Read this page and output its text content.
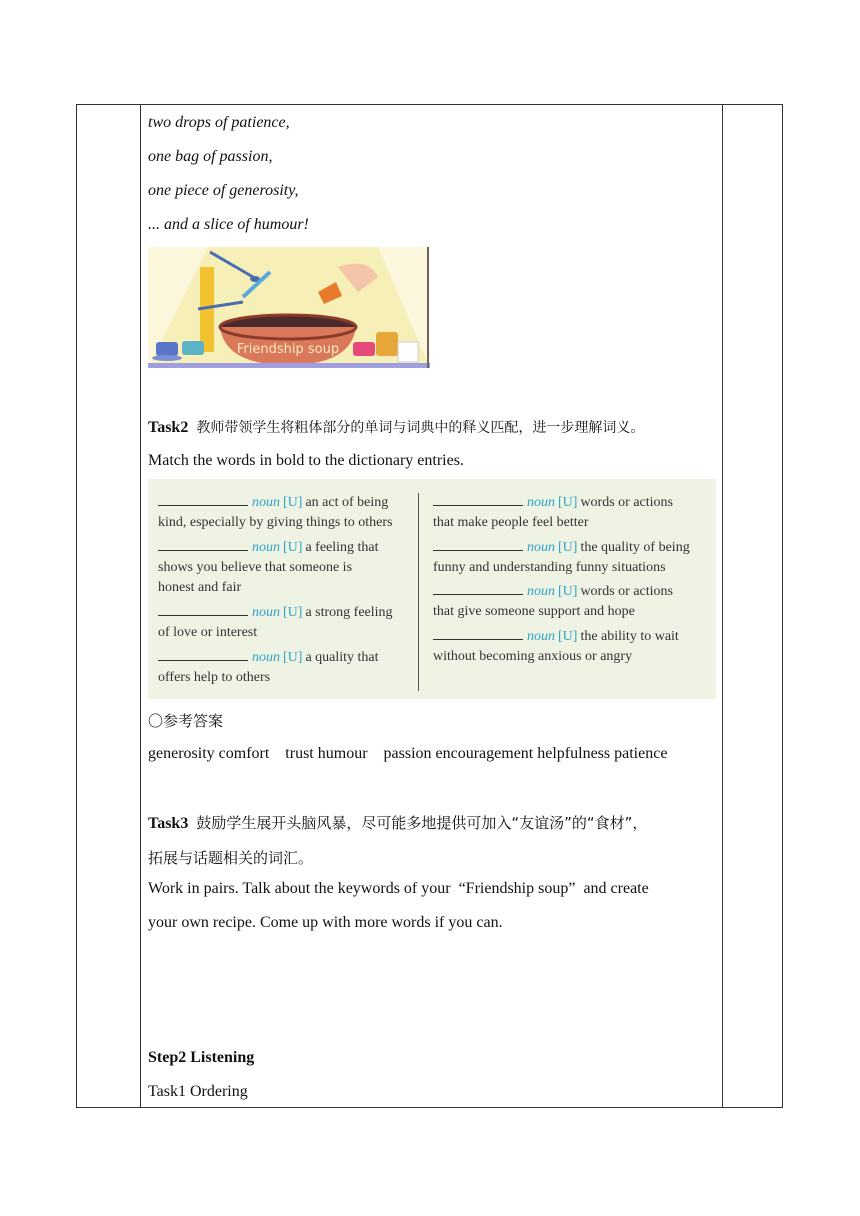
two drops of patience,
one bag of passion,
one piece of generosity,
... and a slice of humour!
Friendship soup
Task2 教师带领学生将粗体部分的单词与词典中的释义匹配，进一步理解词义。
Match the words in bold to the dictionary entries.
noun [U] an act of being
kind, especially by giving things to others
noun [U] a feeling that
shows you believe that someone is
honest and fair
noun [U] a strong feeling
of love or interest
noun [U] a quality that
offers help to others
noun [U] words or actions
that make people feel better
noun [U] the quality of being
funny and understanding funny situations
noun [U] words or actions
that give someone support and hope
noun [U] the ability to wait
without becoming anxious or angry
〇参考答案
generosity comfort    trust humour    passion encouragement helpfulness patience
Task3 鼓励学生展开头脑风暴，尽可能多地提供可加入“友谊汤”的“食材”，
拓展与话题相关的词汇。
Work in pairs. Talk about the keywords of your  “Friendship soup”  and create
your own recipe. Come up with more words if you can.
Step2 Listening
Task1 Ordering
